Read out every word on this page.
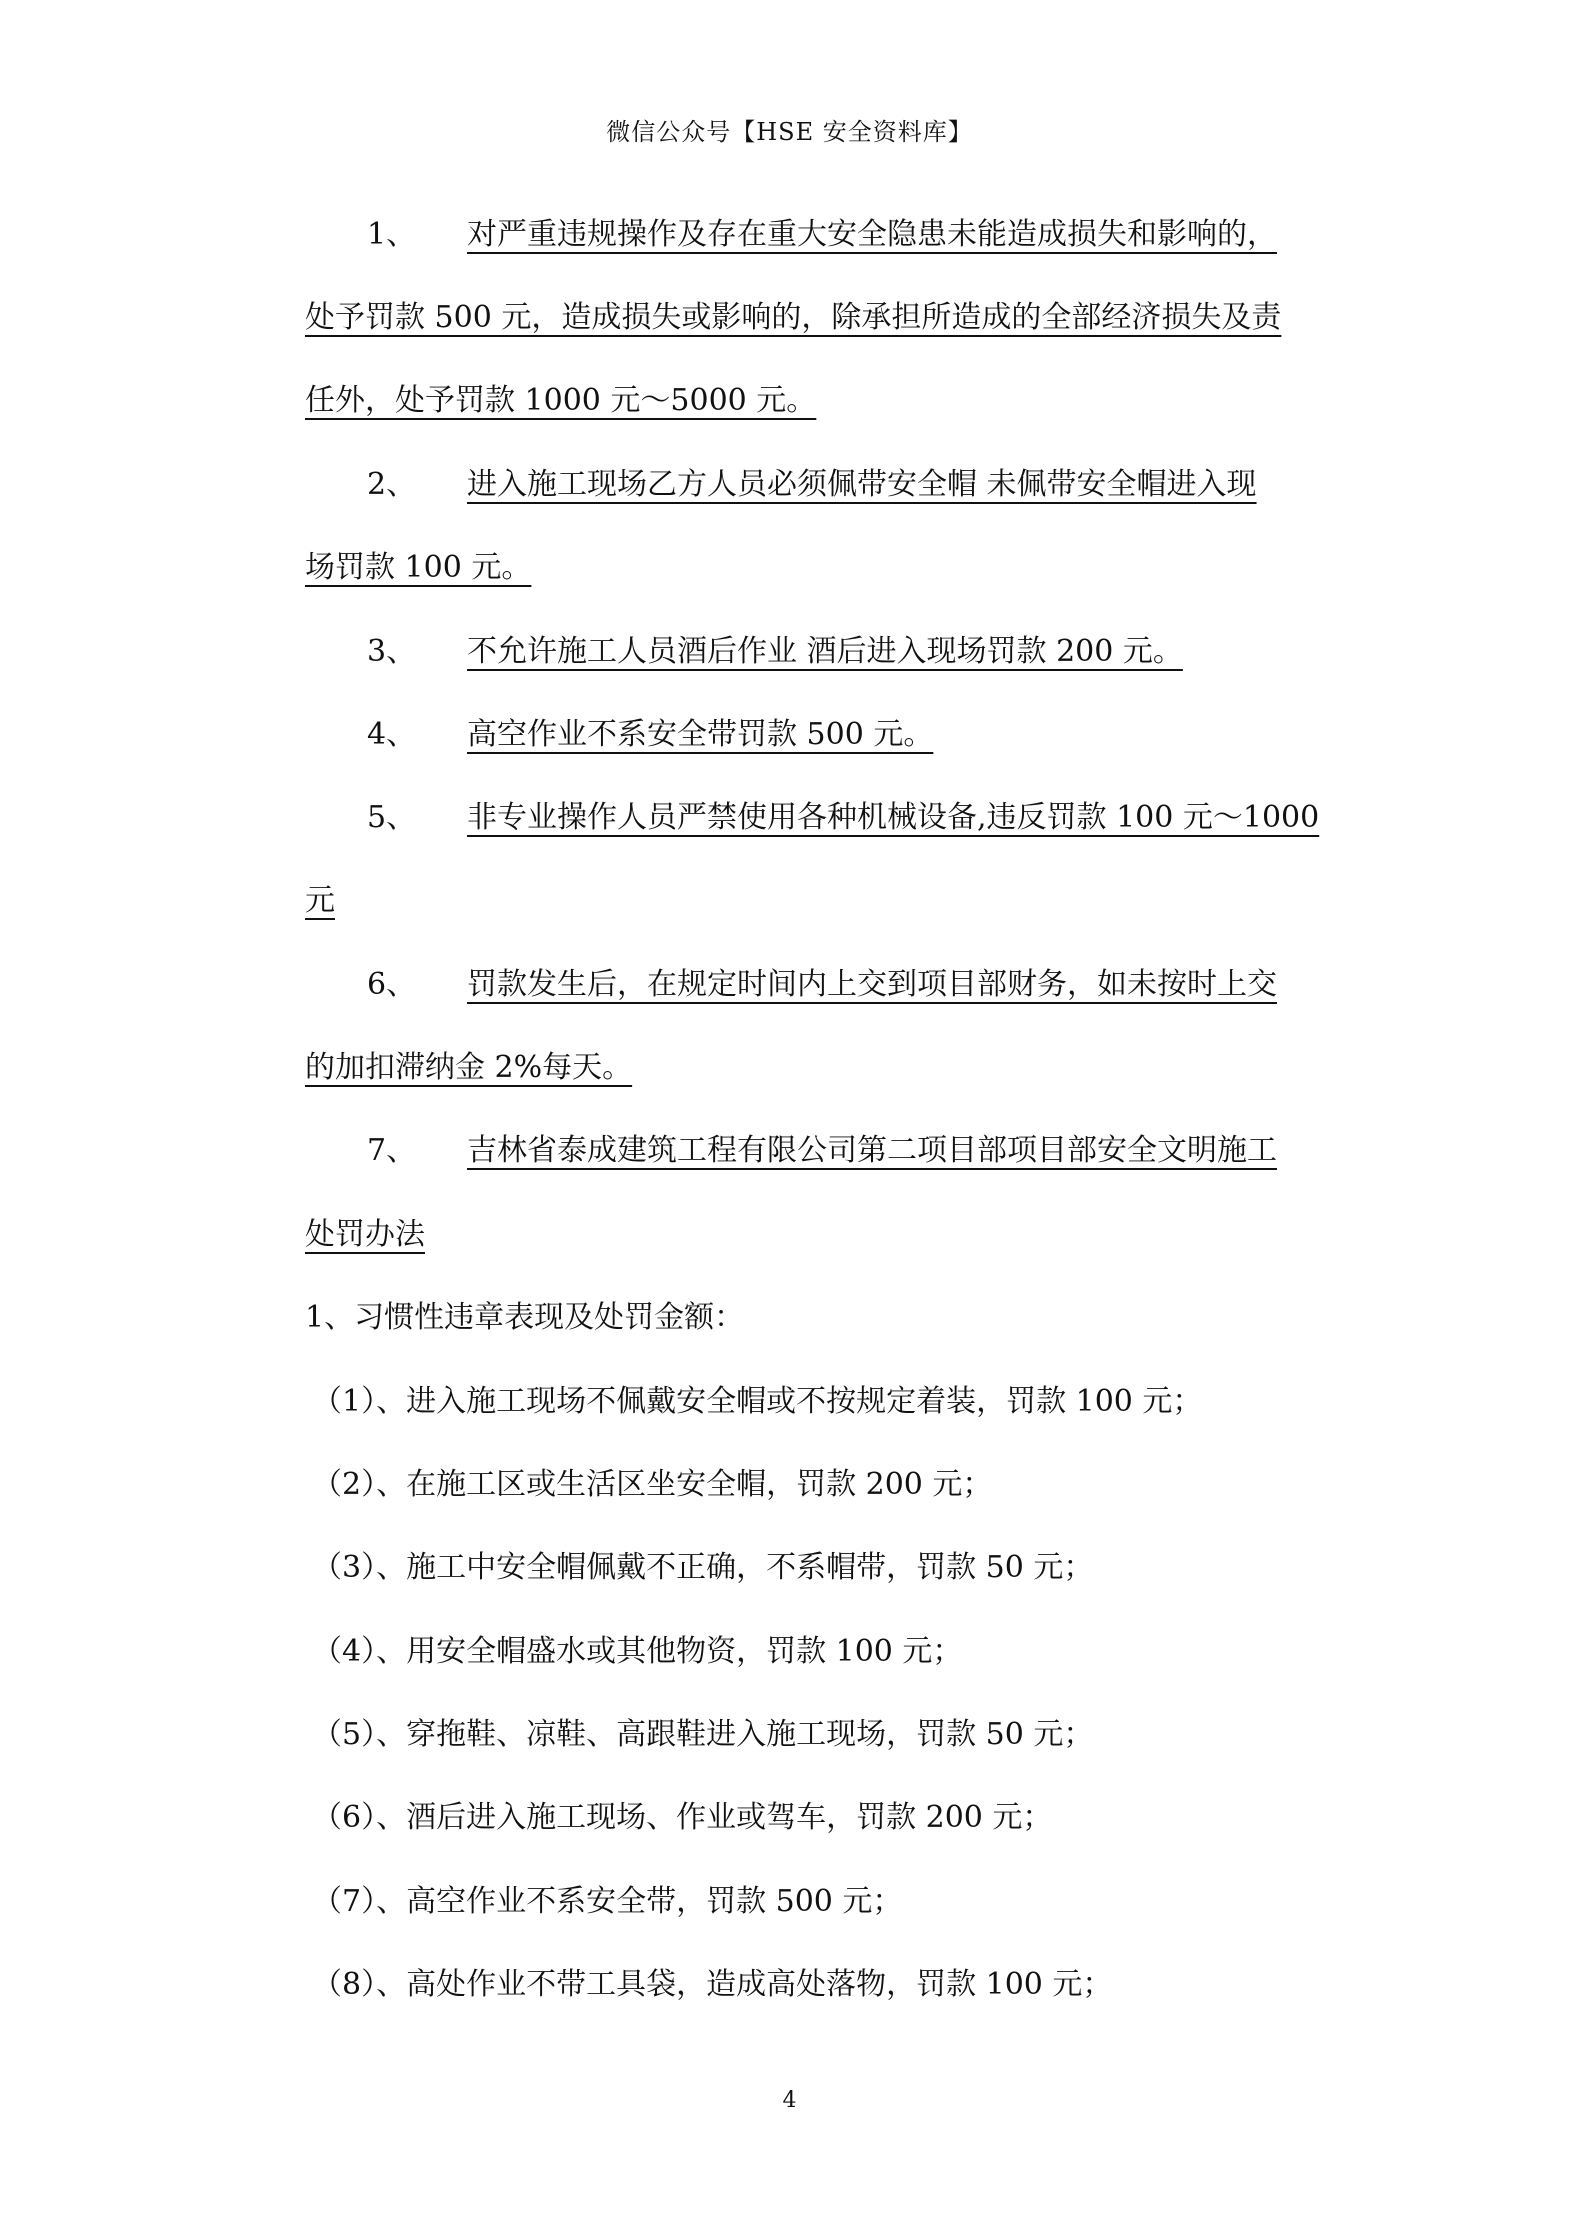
微信公众号【HSE 安全资料库】
1、 对严重违规操作及存在重大安全隐患未能造成损失和影响的，
处予罚款 500 元，造成损失或影响的，除承担所造成的全部经济损失及责
任外，处予罚款 1000 元～5000 元。
2、 进入施工现场乙方人员必须佩带安全帽 未佩带安全帽进入现
场罚款 100 元。
3、 不允许施工人员酒后作业 酒后进入现场罚款 200 元。
4、 高空作业不系安全带罚款 500 元。
5、 非专业操作人员严禁使用各种机械设备,违反罚款 100 元～1000
元
6、 罚款发生后，在规定时间内上交到项目部财务，如未按时上交
的加扣滞纳金 2%每天。
7、 吉林省泰成建筑工程有限公司第二项目部项目部安全文明施工
处罚办法
1、习惯性违章表现及处罚金额：
（1）、进入施工现场不佩戴安全帽或不按规定着装，罚款 100 元；
（2）、在施工区或生活区坐安全帽，罚款 200 元；
（3）、施工中安全帽佩戴不正确，不系帽带，罚款 50 元；
（4）、用安全帽盛水或其他物资，罚款 100 元；
（5）、穿拖鞋、凉鞋、高跟鞋进入施工现场，罚款 50 元；
（6）、酒后进入施工现场、作业或驾车，罚款 200 元；
（7）、高空作业不系安全带，罚款 500 元；
（8）、高处作业不带工具袋，造成高处落物，罚款 100 元；
4
